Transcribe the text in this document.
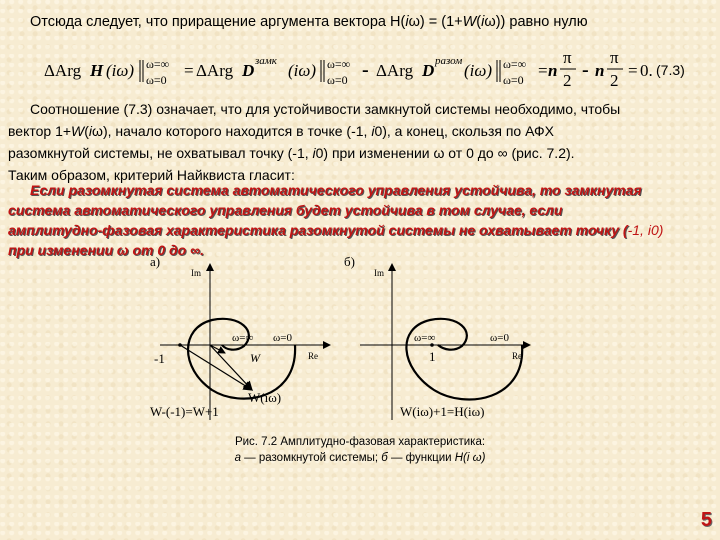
Отсюда следует, что приращение аргумента вектора H(iω) = (1+W(iω)) равно нулю
ΔArg H (iω) ω=∞
ω=0 = ΔArg D замк (iω) ω=∞
ω=0 - ΔArg D разом (iω) ω=∞
ω=0 = n
π
2 - n
π
2
= 0. (7.3)
Соотношение (7.3) означает, что для устойчивости замкнутой системы необходимо, чтобы
вектор 1+W(iω), начало которого находится в точке (-1, i0), а конец, скользя по АФХ
разомкнутой системы, не охватывал точку (-1, i0) при изменении ω от 0 до ∞ (рис. 7.2).
Таким образом, критерий Найквиста гласит:
Если разомкнутая система автоматического управления устойчива, то замкнутая
система автоматического управления будет устойчива в том случае, если
амплитудно-фазовая характеристика разомкнутой системы не охватывает точку (-1, i0)
при изменении ω от 0 до ∞.
а)
Im
Re
-1
ω=∞ ω=0
W
W(iω)
W-(-1)=W+1
б)
Im
Re
1
ω=∞	ω=0
W(iω)+1=H(iω)
Рис. 7.2 Амплитудно-фазовая характеристика:
а — разомкнутой системы; б — функции H(i ω)
5
